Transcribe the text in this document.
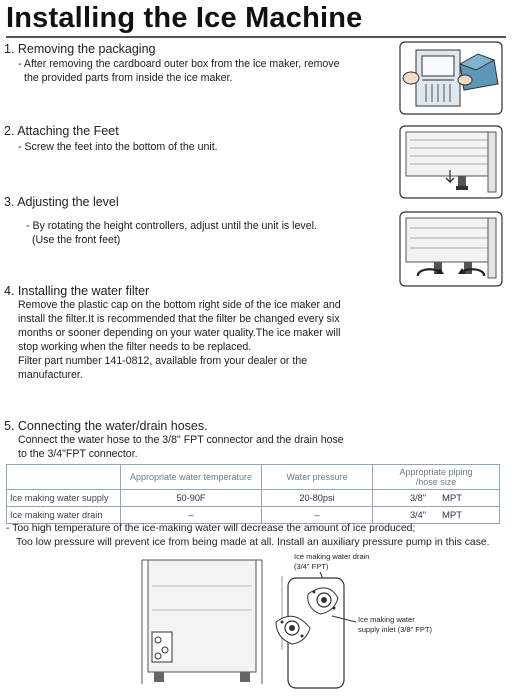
Installing the Ice Machine

1. Removing the packaging

- After removing the cardboard outer box from the ice maker, remove

the provided parts from inside the ice maker.

2. Attaching the Feet

- Screw the feet into the bottom of the unit.

3. Adjusting the level

- By rotating the height controllers, adjust until the unit is level.

(Use the front feet)

4. Installing the water filter

Remove the plastic cap on the bottom right side of the ice maker and

install the filter.It is recommended that the filter be changed every six

months or sooner depending on your water quality.The ice maker will

stop working when the filter needs to be replaced.

Filter part number 141-0812, available from your dealer or the

manufacturer.

5. Connecting the water/drain hoses.

Connect the water hose to the 3/8" FPT connector and the drain hose

to the 3/4"FPT connector.

	Appropriate water temperature	Water pressure	Appropriate piping
/hose size
Ice making water supply	50-90F	20-80psi	3/8" MPT
Ice making water drain	–	–	3/4" MPT

- Too high temperature of the ice-making water will decrease the amount of ice produced;

Too low pressure will prevent ice from being made at all. Install an auxiliary pressure pump in this case.

Ice making water drain
(3/4" FPT)
Ice making water
supply inlet (3/8" FPT)
